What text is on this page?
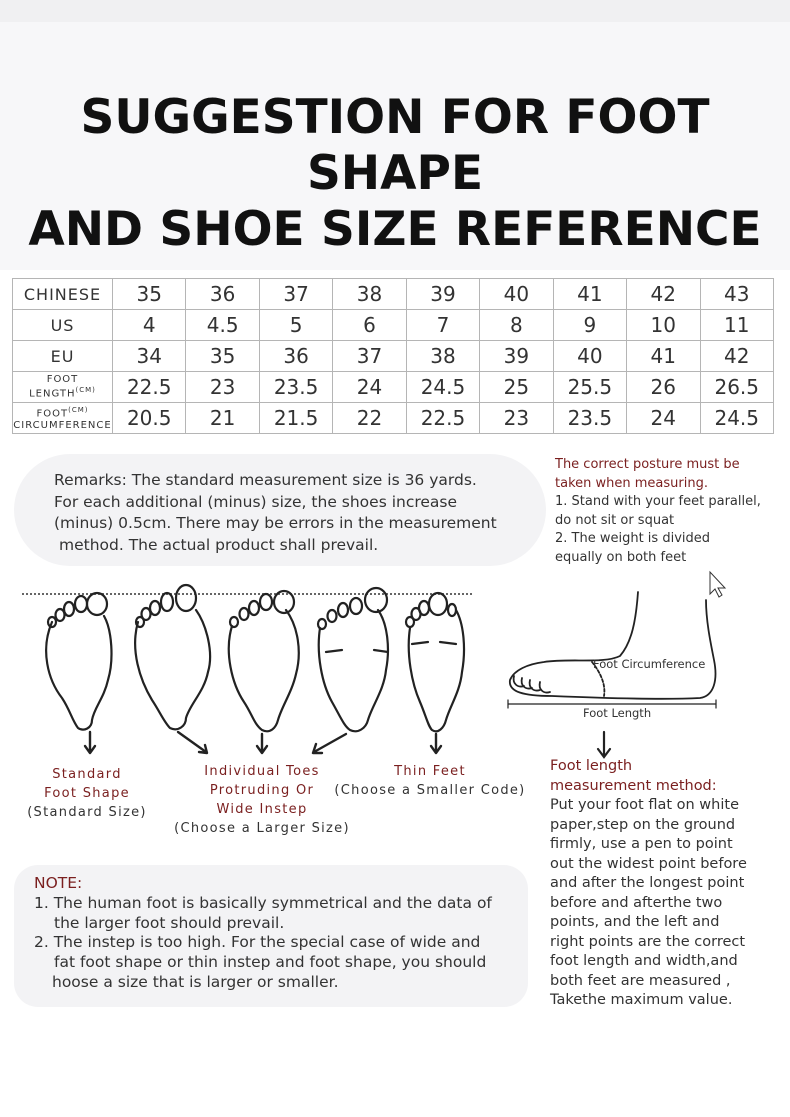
SUGGESTION FOR FOOT SHAPE
AND SHOE SIZE REFERENCE
CHINESE	35	36	37	38	39	40	41	42	43
US	4	4.5	5	6	7	8	9	10	11
EU	34	35	36	37	38	39	40	41	42

FOOT
$LENGTH^{(CM)}$	22.5	23	23.5	24	24.5	25	25.5	26	26.5

$FOOT^{(CM)}$
CIRCUMFERENCE	20.5	21	21.5	22	22.5	23	23.5	24	24.5
Remarks: The standard measurement size is 36 yards.
For each additional (minus) size, the shoes increase
(minus) 0.5cm. There may be errors in the measurement
method. The actual product shall prevail.
The correct posture must be
taken when measuring.
1. Stand with your feet parallel,
do not sit or squat
2. The weight is divided
equally on both feet
Standard
Foot Shape
(Standard Size)
Individual Toes
Protruding Or
Wide Instep
(Choose a Larger Size)
Thin Feet
(Choose a Smaller Code)
Foot Circumference
Foot Length
Foot length
measurement method:
Put your foot flat on white
paper,step on the ground
firmly, use a pen to point
out the widest point before
and after the longest point
before and afterthe two
points, and the left and
right points are the correct
foot length and width,and
both feet are measured ,
Takethe maximum value.
NOTE:
1. The human foot is basically symmetrical and the data of
the larger foot should prevail.
2. The instep is too high. For the special case of wide and
fat foot shape or thin instep and foot shape, you should
hoose a size that is larger or smaller.
